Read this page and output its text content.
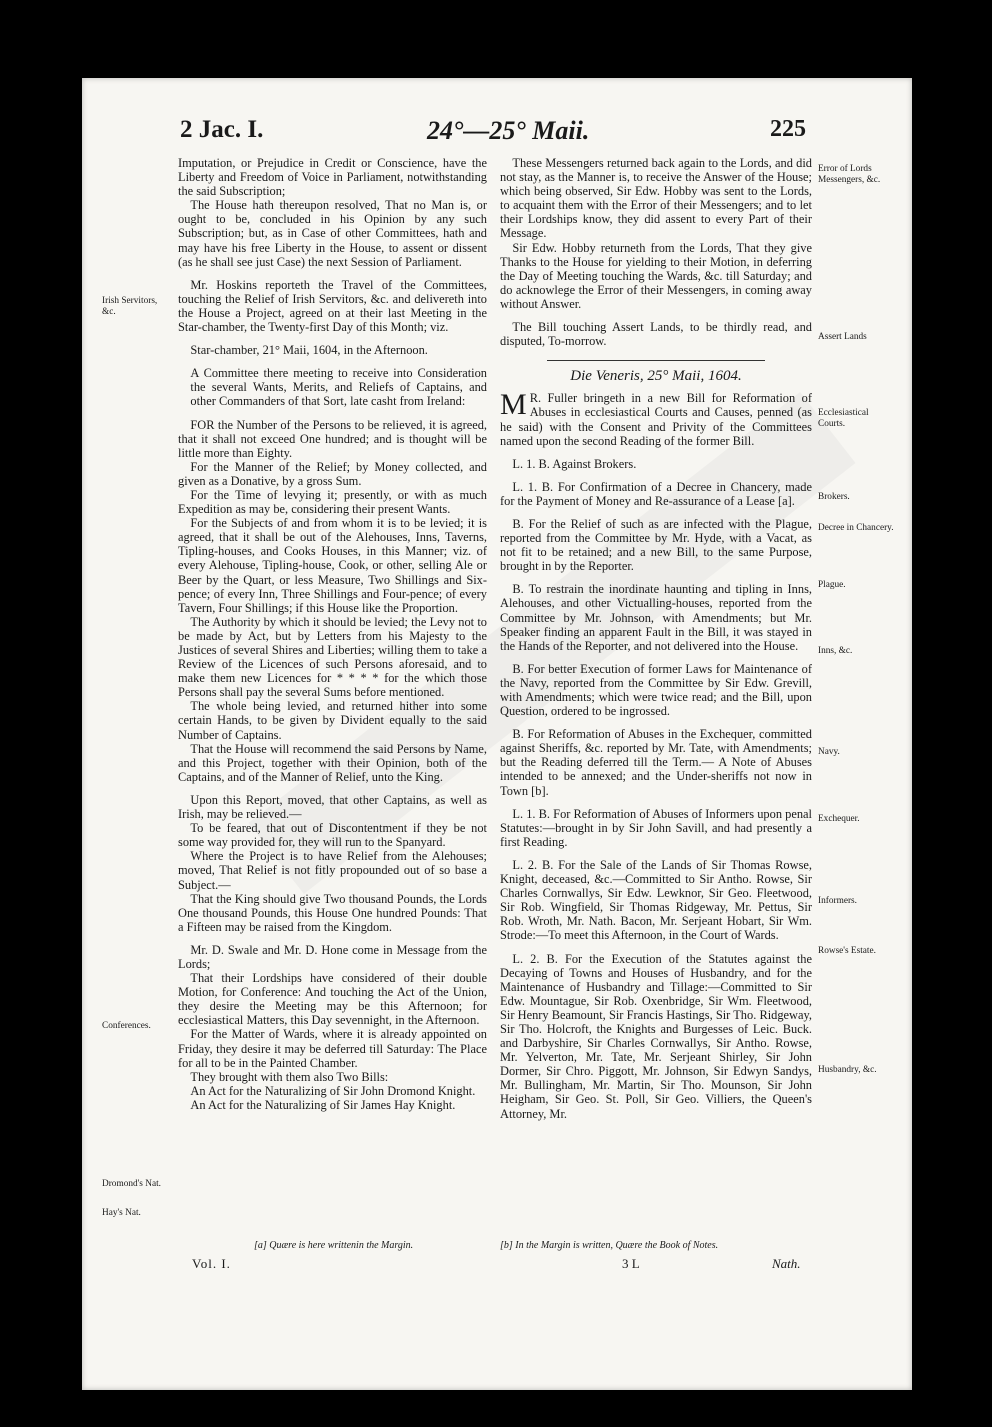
2 Jac. I.	24°—25° Maii.	225

Imputation, or Prejudice in Credit or Conscience, have the Liberty and Freedom of Voice in Parliament, notwithstanding the said Subscription;

The House hath thereupon resolved, That no Man is, or ought to be, concluded in his Opinion by any such Subscription; but, as in Case of other Committees, hath and may have his free Liberty in the House, to assent or dissent (as he shall see just Case) the next Session of Parliament.

Mr. Hoskins reporteth the Travel of the Committees, touching the Relief of Irish Servitors, &c. and delivereth into the House a Project, agreed on at their last Meeting in the Star-chamber, the Twenty-first Day of this Month; viz.

Star-chamber, 21° Maii, 1604, in the Afternoon.

A Committee there meeting to receive into Consideration the several Wants, Merits, and Reliefs of Captains, and other Commanders of that Sort, late casht from Ireland:

FOR the Number of the Persons to be relieved, it is agreed, that it shall not exceed One hundred; and is thought will be little more than Eighty.

For the Manner of the Relief; by Money collected, and given as a Donative, by a gross Sum.

For the Time of levying it; presently, or with as much Expedition as may be, considering their present Wants.

For the Subjects of and from whom it is to be levied; it is agreed, that it shall be out of the Alehouses, Inns, Taverns, Tipling-houses, and Cooks Houses, in this Manner; viz. of every Alehouse, Tipling-house, Cook, or other, selling Ale or Beer by the Quart, or less Measure, Two Shillings and Six-pence; of every Inn, Three Shillings and Four-pence; of every Tavern, Four Shillings; if this House like the Proportion.

The Authority by which it should be levied; the Levy not to be made by Act, but by Letters from his Majesty to the Justices of several Shires and Liberties; willing them to take a Review of the Licences of such Persons aforesaid, and to make them new Licences for * * * * for the which those Persons shall pay the several Sums before mentioned.

The whole being levied, and returned hither into some certain Hands, to be given by Divident equally to the said Number of Captains.

That the House will recommend the said Persons by Name, and this Project, together with their Opinion, both of the Captains, and of the Manner of Relief, unto the King.

Upon this Report, moved, that other Captains, as well as Irish, may be relieved.—

To be feared, that out of Discontentment if they be not some way provided for, they will run to the Spanyard.

Where the Project is to have Relief from the Alehouses; moved, That Relief is not fitly propounded out of so base a Subject.—

That the King should give Two thousand Pounds, the Lords One thousand Pounds, this House One hundred Pounds: That a Fifteen may be raised from the Kingdom.

Mr. D. Swale and Mr. D. Hone come in Message from the Lords;

That their Lordships have considered of their double Motion, for Conference: And touching the Act of the Union, they desire the Meeting may be this Afternoon; for ecclesiastical Matters, this Day sevennight, in the Afternoon.

For the Matter of Wards, where it is already appointed on Friday, they desire it may be deferred till Saturday: The Place for all to be in the Painted Chamber.

They brought with them also Two Bills:

An Act for the Naturalizing of Sir John Dromond Knight.

An Act for the Naturalizing of Sir James Hay Knight.

These Messengers returned back again to the Lords, and did not stay, as the Manner is, to receive the Answer of the House; which being observed, Sir Edw. Hobby was sent to the Lords, to acquaint them with the Error of their Messengers; and to let their Lordships know, they did assent to every Part of their Message.

Sir Edw. Hobby returneth from the Lords, That they give Thanks to the House for yielding to their Motion, in deferring the Day of Meeting touching the Wards, &c. till Saturday; and do acknowlege the Error of their Messengers, in coming away without Answer.

The Bill touching Assert Lands, to be thirdly read, and disputed, To-morrow.

Die Veneris, 25° Maii, 1604.

M R. Fuller bringeth in a new Bill for Reformation of Abuses in ecclesiastical Courts and Causes, penned (as he said) with the Consent and Privity of the Committees named upon the second Reading of the former Bill.

L. 1. B. Against Brokers.

L. 1. B. For Confirmation of a Decree in Chancery, made for the Payment of Money and Re-assurance of a Lease [a].

B. For the Relief of such as are infected with the Plague, reported from the Committee by Mr. Hyde, with a Vacat, as not fit to be retained; and a new Bill, to the same Purpose, brought in by the Reporter.

B. To restrain the inordinate haunting and tipling in Inns, Alehouses, and other Victualling-houses, reported from the Committee by Mr. Johnson, with Amendments; but Mr. Speaker finding an apparent Fault in the Bill, it was stayed in the Hands of the Reporter, and not delivered into the House.

B. For better Execution of former Laws for Maintenance of the Navy, reported from the Committee by Sir Edw. Grevill, with Amendments; which were twice read; and the Bill, upon Question, ordered to be ingrossed.

B. For Reformation of Abuses in the Exchequer, committed against Sheriffs, &c. reported by Mr. Tate, with Amendments; but the Reading deferred till the Term.— A Note of Abuses intended to be annexed; and the Under-sheriffs not now in Town [b].

L. 1. B. For Reformation of Abuses of Informers upon penal Statutes:—brought in by Sir John Savill, and had presently a first Reading.

L. 2. B. For the Sale of the Lands of Sir Thomas Rowse, Knight, deceased, &c.—Committed to Sir Antho. Rowse, Sir Charles Cornwallys, Sir Edw. Lewknor, Sir Geo. Fleetwood, Sir Rob. Wingfield, Sir Thomas Ridgeway, Mr. Pettus, Sir Rob. Wroth, Mr. Nath. Bacon, Mr. Serjeant Hobart, Sir Wm. Strode:—To meet this Afternoon, in the Court of Wards.

L. 2. B. For the Execution of the Statutes against the Decaying of Towns and Houses of Husbandry, and for the Maintenance of Husbandry and Tillage:—Committed to Sir Edw. Mountague, Sir Rob. Oxenbridge, Sir Wm. Fleetwood, Sir Henry Beamount, Sir Francis Hastings, Sir Tho. Ridgeway, Sir Tho. Holcroft, the Knights and Burgesses of Leic. Buck. and Darbyshire, Sir Charles Cornwallys, Sir Antho. Rowse, Mr. Yelverton, Mr. Tate, Mr. Serjeant Shirley, Sir John Dormer, Sir Chro. Piggott, Mr. Johnson, Sir Edwyn Sandys, Mr. Bullingham, Mr. Martin, Sir Tho. Mounson, Sir John Heigham, Sir Geo. St. Poll, Sir Geo. Villiers, the Queen's Attorney, Mr.

Irish Servitors, &c.
Conferences.
Dromond's Nat.
Hay's Nat.
Error of Lords Messengers, &c.
Assert Lands
Ecclesiastical Courts.
Brokers.
Decree in Chancery.
Plague.
Inns, &c.
Navy.
Exchequer.
Informers.
Rowse's Estate.
Husbandry, &c.
[a] Quære is here writtenin the Margin.	[b] In the Margin is written, Quære the Book of Notes.
Vol. I.	3 L	Nath.
